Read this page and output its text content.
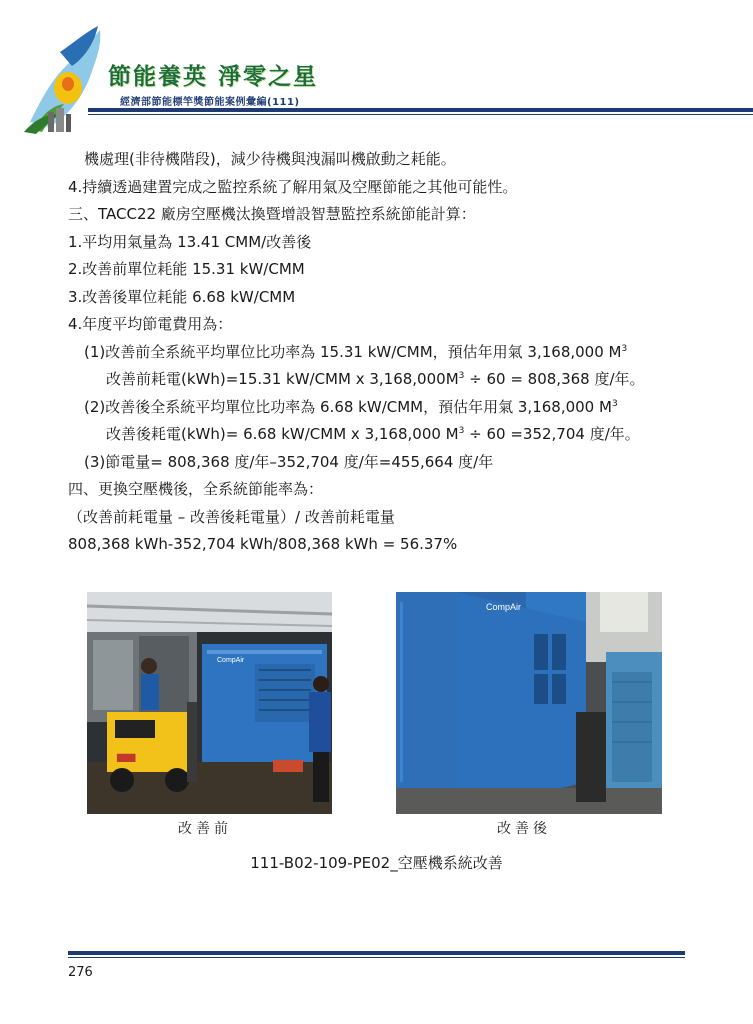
節能養英 淨零之星
經濟部節能標竿獎節能案例彙編(111)
機處理(非待機階段)，減少待機與洩漏叫機啟動之耗能。
4.持續透過建置完成之監控系統了解用氣及空壓節能之其他可能性。
三、TACC22 廠房空壓機汰換暨增設智慧監控系統節能計算：
1.平均用氣量為 13.41 CMM/改善後
2.改善前單位耗能 15.31 kW/CMM
3.改善後單位耗能 6.68 kW/CMM
4.年度平均節電費用為：
(1)改善前全系統平均單位比功率為 15.31 kW/CMM，預估年用氣 3,168,000 $M^3$
改善前耗電(kWh)=15.31 kW/CMM x $3,168,000M^3 \div 60 = 808,368$ 度/年。
(2)改善後全系統平均單位比功率為 6.68 kW/CMM，預估年用氣 3,168,000 $M^3$
改善後耗電(kWh)= 6.68 kW/CMM x 3,168,000 $M^3 \div 60 =352,704$ 度/年。
(3)節電量= 808,368 度/年–352,704 度/年=455,664 度/年
四、更換空壓機後，全系統節能率為：
（改善前耗電量 – 改善後耗電量）/ 改善前耗電量
808,368 kWh-352,704 kWh/808,368 kWh = 56.37%
CompAir
▇▇▇
改善前
CompAir
改善後
111-B02-109-PE02_空壓機系統改善
276
